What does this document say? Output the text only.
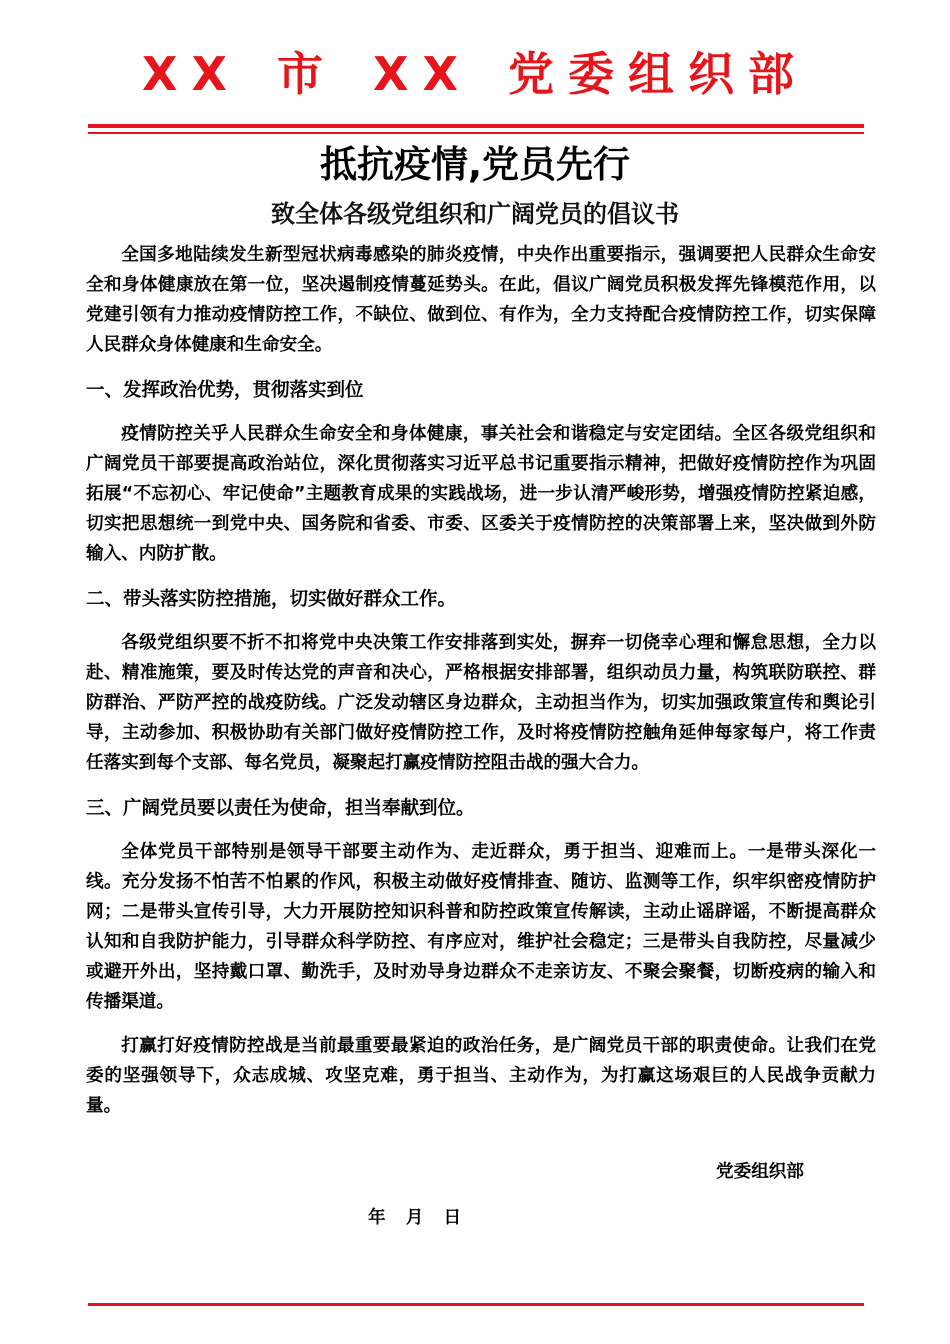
XX 市 XX 党委组织部
抵抗疫情,党员先行
致全体各级党组织和广阔党员的倡议书

全国多地陆续发生新型冠状病毒感染的肺炎疫情，中央作出重要指示，强调要把人民群众生命安全和身体健康放在第一位，坚决遏制疫情蔓延势头。在此，倡议广阔党员积极发挥先锋模范作用，以党建引领有力推动疫情防控工作，不缺位、做到位、有作为，全力支持配合疫情防控工作，切实保障人民群众身体健康和生命安全。

一、发挥政治优势，贯彻落实到位

疫情防控关乎人民群众生命安全和身体健康，事关社会和谐稳定与安定团结。全区各级党组织和广阔党员干部要提高政治站位，深化贯彻落实习近平总书记重要指示精神，把做好疫情防控作为巩固拓展“不忘初心、牢记使命”主题教育成果的实践战场，进一步认清严峻形势，增强疫情防控紧迫感，切实把思想统一到党中央、国务院和省委、市委、区委关于疫情防控的决策部署上来，坚决做到外防输入、内防扩散。

二、带头落实防控措施，切实做好群众工作。

各级党组织要不折不扣将党中央决策工作安排落到实处，摒弃一切侥幸心理和懈怠思想，全力以赴、精准施策，要及时传达党的声音和决心，严格根据安排部署，组织动员力量，构筑联防联控、群防群治、严防严控的战疫防线。广泛发动辖区身边群众，主动担当作为，切实加强政策宣传和舆论引导，主动参加、积极协助有关部门做好疫情防控工作，及时将疫情防控触角延伸每家每户，将工作责任落实到每个支部、每名党员，凝聚起打赢疫情防控阻击战的强大合力。

三、广阔党员要以责任为使命，担当奉献到位。

全体党员干部特别是领导干部要主动作为、走近群众，勇于担当、迎难而上。一是带头深化一线。充分发扬不怕苦不怕累的作风，积极主动做好疫情排查、随访、监测等工作，织牢织密疫情防护网；二是带头宣传引导，大力开展防控知识科普和防控政策宣传解读，主动止谣辟谣，不断提高群众认知和自我防护能力，引导群众科学防控、有序应对，维护社会稳定；三是带头自我防控，尽量减少或避开外出，坚持戴口罩、勤洗手，及时劝导身边群众不走亲访友、不聚会聚餐，切断疫病的输入和传播渠道。

打赢打好疫情防控战是当前最重要最紧迫的政治任务，是广阔党员干部的职责使命。让我们在党委的坚强领导下，众志成城、攻坚克难，勇于担当、主动作为，为打赢这场艰巨的人民战争贡献力量。

党委组织部
年 月 日
